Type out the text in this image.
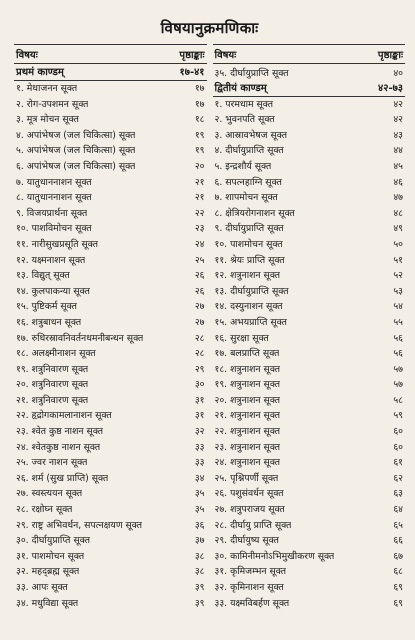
विषयानुक्रमणिकाः
विषयः	पृष्ठाङ्काः
प्रथमं काण्डम्	१७-४१
१. मेधाजनन सूक्त	१७
२. रोग-उपशमन सूक्त	१७
३. मूत्र मोचन सूक्त	१८
४. अपांभेषज (जल चिकित्सा) सूक्त	१९
५. अपांभेषज (जल चिकित्सा) सूक्त	१९
६. अपांभेषज (जल चिकित्सा) सूक्त	२०
७. यातुधाननाशन सूक्त	२१
८. यातुधाननाशन सूक्त	२१
९. विजयप्रार्थना सूक्त	२२
१०. पाशविमोचन सूक्त	२३
११. नारीसुखप्रसूति सूक्त	२४
१२. यक्ष्मनाशन सूक्त	२५
१३. विद्युत् सूक्त	२६
१४. कुलपाकन्या सूक्त	२६
१५. पुष्टिकर्म सूक्त	२७
१६. शत्रुबाधन सूक्त	२७
१७. रुधिरस्रावनिवर्तनधमनीबन्धन सूक्त	२८
१८. अलक्ष्मीनाशन सूक्त	२८
१९. शत्रुनिवारण सूक्त	२९
२०. शत्रुनिवारण सूक्त	३०
२१. शत्रुनिवारण सूक्त	३१
२२. हृद्रोगकामलानाशन सूक्त	३१
२३. श्वेत कुष्ठ नाशन सूक्त	३२
२४. श्वेतकुष्ठ नाशन सूक्त	३३
२५. ज्वर नाशन सूक्त	३३
२६. शर्म (सुख प्राप्ति) सूक्त	३४
२७. स्वस्त्ययन सूक्त	३५
२८. रक्षोघ्न सूक्त	३५
२९. राष्ट्र अभिवर्धन, सपत्नक्षयण सूक्त	३६
३०. दीर्घायुप्राप्ति सूक्त	३७
३१. पाशमोचन सूक्त	३८
३२. महद्ब्रह्म सूक्त	३८
३३. आपः सूक्त	३९
३४. मधुविद्या सूक्त	३९
विषयः	पृष्ठाङ्काः
३५. दीर्घायुप्राप्ति सूक्त	४०
द्वितीयं काण्डम्	४२-७३
१. परमधाम सूक्त	४२
२. भुवनपति सूक्त	४२
३. आस्रावभेषज सूक्त	४३
४. दीर्घायुप्राप्ति सूक्त	४४
५. इन्द्रशौर्य सूक्त	४५
६. सपत्नहाग्नि सूक्त	४६
७. शापमोचन सूक्त	४७
८. क्षेत्रियरोगनाशन सूक्त	४८
९. दीर्घायुप्राप्ति सूक्त	४९
१०. पाशमोचन सूक्त	५०
११. श्रेयः प्राप्ति सूक्त	५१
१२. शत्रुनाशन सूक्त	५२
१३. दीर्घायुप्राप्ति सूक्त	५३
१४. दस्युनाशन सूक्त	५४
१५. अभयप्राप्ति सूक्त	५५
१६. सुरक्षा सूक्त	५६
१७. बलप्राप्ति सूक्त	५६
१८. शत्रुनाशन सूक्त	५७
१९. शत्रुनाशन सूक्त	५७
२०. शत्रुनाशन सूक्त	५८
२१. शत्रुनाशन सूक्त	५९
२२. शत्रुनाशन सूक्त	६०
२३. शत्रुनाशन सूक्त	६०
२४. शत्रुनाशन सूक्त	६१
२५. पृश्निपर्णी सूक्त	६२
२६. पशुसंवर्धन सूक्त	६३
२७. शत्रुपराजय सूक्त	६४
२८. दीर्घायु प्राप्ति सूक्त	६५
२९. दीर्घायुष्य सूक्त	६६
३०. कामिनीमनोऽभिमुखीकरण सूक्त	६७
३१. कृमिजम्भन सूक्त	६८
३२. कृमिनाशन सूक्त	६९
३३. यक्ष्मविबर्हण सूक्त	६९
